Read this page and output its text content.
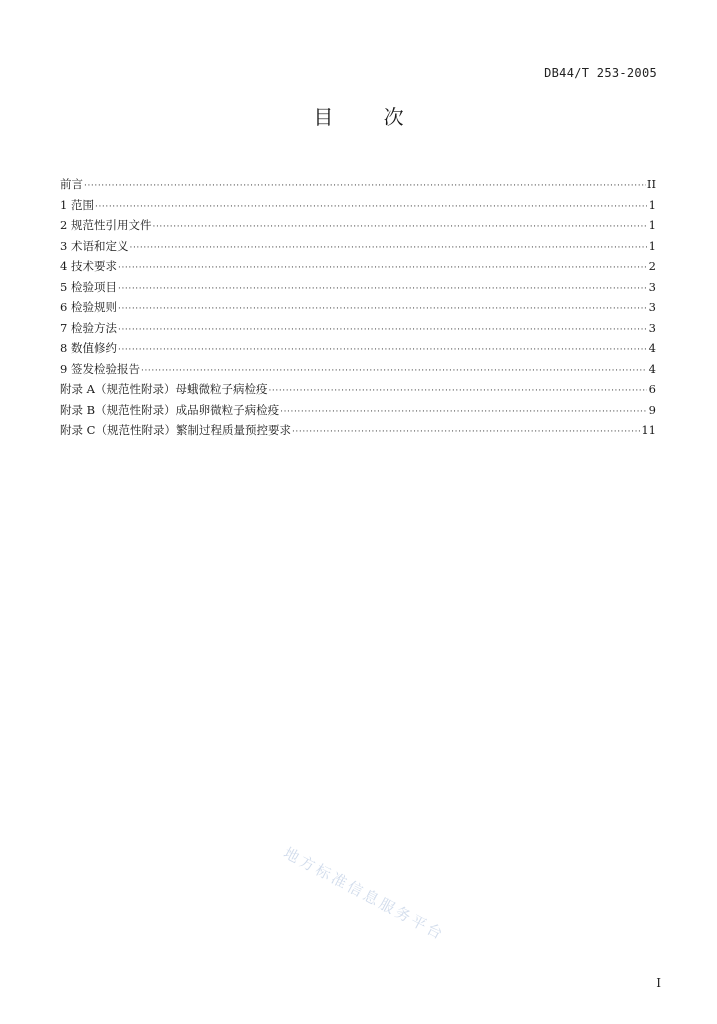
DB44/T 253-2005
目 次
前言 ·····	II
1 范围 ·····	1
2 规范性引用文件 ·····	1
3 术语和定义 ·····	1
4 技术要求 ·····	2
5 检验项目 ·····	3
6 检验规则 ·····	3
7 检验方法 ·····	3
8 数值修约 ·····	4
9 签发检验报告 ·····	4
附录 A（规范性附录）母蛾微粒子病检疫 ·····	6
附录 B（规范性附录）成品卵微粒子病检疫 ·····	9
附录 C（规范性附录）繁制过程质量预控要求 ·····	11
地方标准信息服务平台
I
